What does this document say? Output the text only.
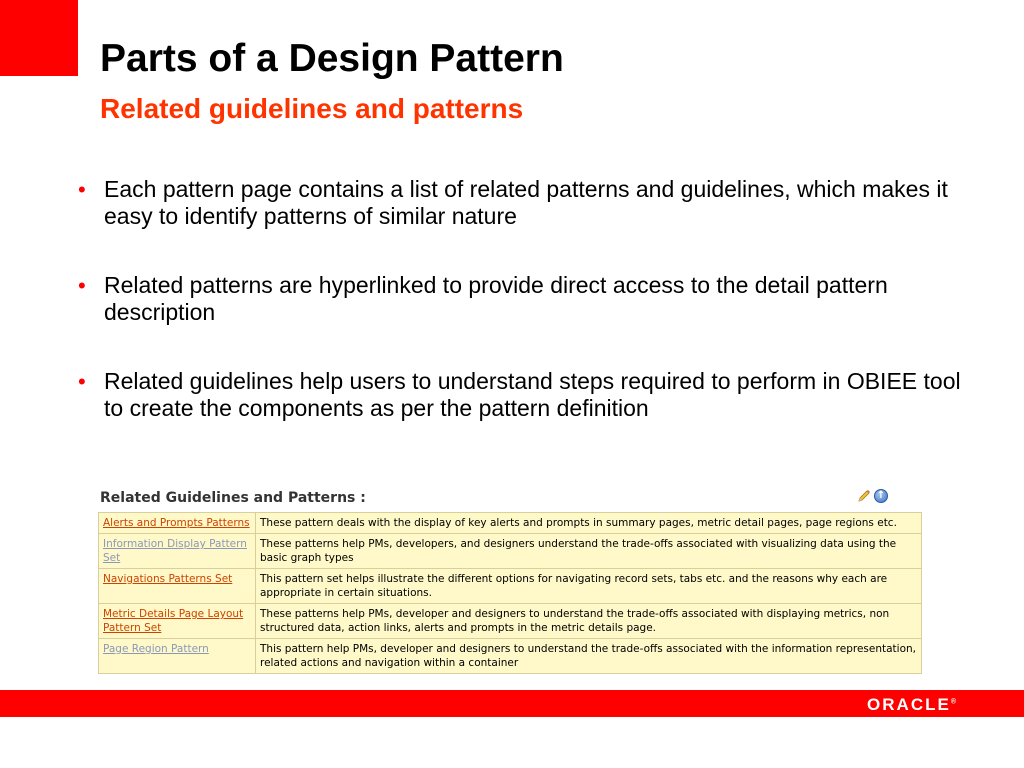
Parts of a Design Pattern
Related guidelines and patterns
• Each pattern page contains a list of related patterns and guidelines, which makes it easy to identify patterns of similar nature
• Related patterns are hyperlinked to provide direct access to the detail pattern description
• Related guidelines help users to understand steps required to perform in OBIEE tool to create the components as per the pattern definition
Related Guidelines and Patterns :	↑
Alerts and Prompts Patterns	These pattern deals with the display of key alerts and prompts in summary pages, metric detail pages, page regions etc.
Information Display Pattern Set	These patterns help PMs, developers, and designers understand the trade-offs associated with visualizing data using the basic graph types
Navigations Patterns Set	This pattern set helps illustrate the different options for navigating record sets, tabs etc. and the reasons why each are appropriate in certain situations.
Metric Details Page Layout Pattern Set	These patterns help PMs, developer and designers to understand the trade-offs associated with displaying metrics, non structured data, action links, alerts and prompts in the metric details page.
Page Region Pattern	This pattern help PMs, developer and designers to understand the trade-offs associated with the information representation, related actions and navigation within a container
ORACLE®
